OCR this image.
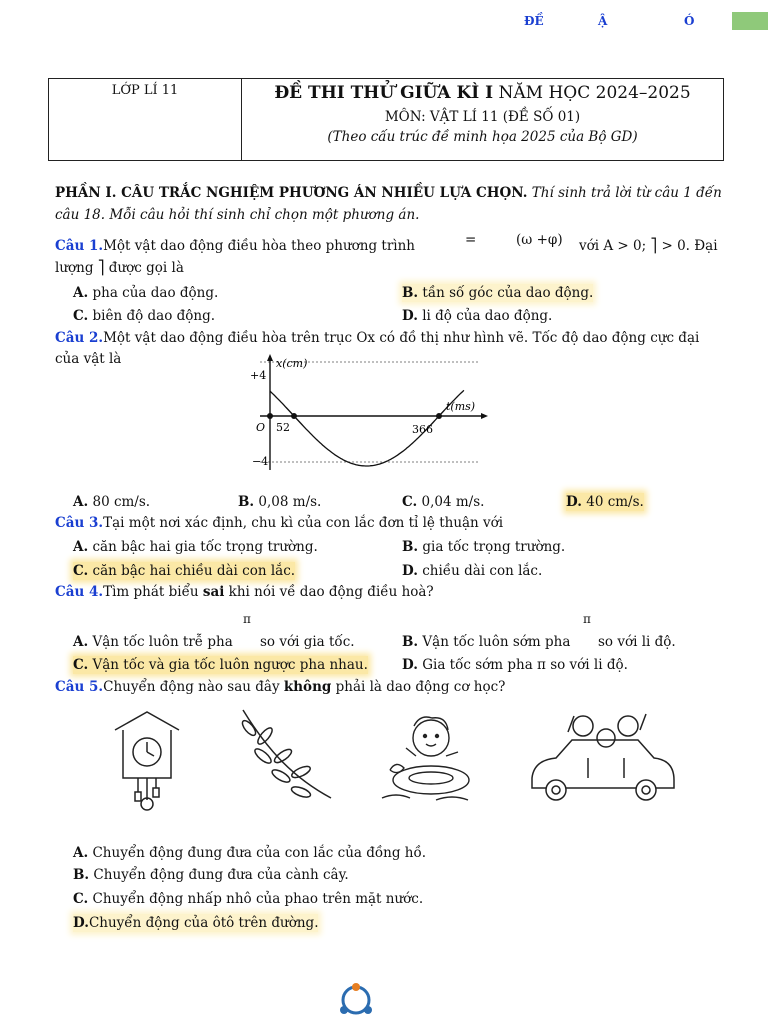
ĐỀ	Ậ	Ó
LỚP LÍ 11	ĐỀ THI THỬ GIỮA KÌ I NĂM HỌC 2024–2025
MÔN: VẬT LÍ 11 (ĐỀ SỐ 01)
(Theo cấu trúc đề minh họa 2025 của Bộ GD)
PHẦN I. CÂU TRẮC NGHIỆM PHƯƠNG ÁN NHIỀU LỰA CHỌN. Thí sinh trả lời từ câu 1 đến
câu 18. Mỗi câu hỏi thí sinh chỉ chọn một phương án.
Câu 1.Một vật dao động điều hòa theo phương trình	=	(ω +φ) với A > 0; ⎤ > 0. Đại
lượng ⎤ được gọi là
A. pha của dao động.	B. tần số góc của dao động.
C. biên độ dao động.	D. li độ của dao động.
Câu 2.Một vật dao động điều hòa trên trục Ox có đồ thị như hình vẽ. Tốc độ dao động cực đại
của vật là	x(cm)
t(ms)
+4
−4
O 52	366
A. 80 cm/s.	B. 0,08 m/s.	C. 0,04 m/s.	D. 40 cm/s.
Câu 3.Tại một nơi xác định, chu kì của con lắc đơn tỉ lệ thuận với
A. căn bậc hai gia tốc trọng trường.	B. gia tốc trọng trường.
C. căn bậc hai chiều dài con lắc.	D. chiều dài con lắc.
Câu 4.Tìm phát biểu sai khi nói về dao động điều hoà?
π	π
A. Vận tốc luôn trễ pha so với gia tốc.	B. Vận tốc luôn sớm pha so với li độ.
C. Vận tốc và gia tốc luôn ngược pha nhau.	D. Gia tốc sớm pha π so với li độ.
Câu 5.Chuyển động nào sau đây không phải là dao động cơ học?
A. Chuyển động đung đưa của con lắc của đồng hồ.
B. Chuyển động đung đưa của cành cây.
C. Chuyển động nhấp nhô của phao trên mặt nước.
D.Chuyển động của ôtô trên đường.
